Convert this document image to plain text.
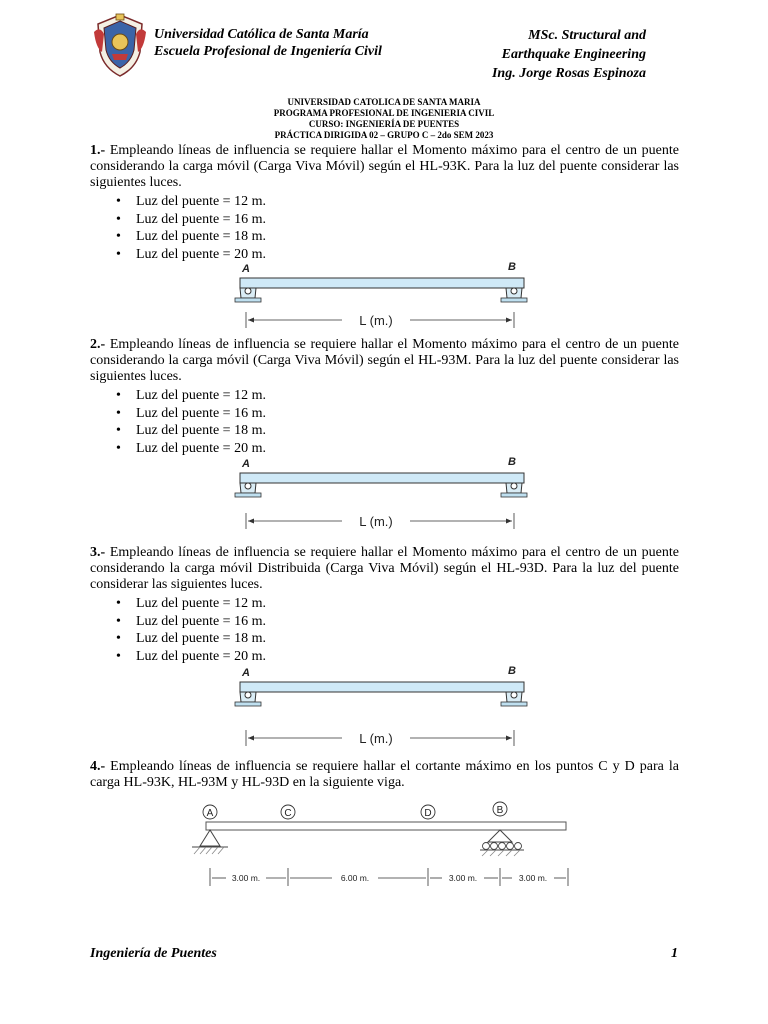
Universidad Católica de Santa María
Escuela Profesional de Ingeniería Civil
MSc. Structural and
Earthquake Engineering
Ing. Jorge Rosas Espinoza
UNIVERSIDAD CATOLICA DE SANTA MARIA
PROGRAMA PROFESIONAL DE INGENIERIA CIVIL
CURSO: INGENIERÍA DE PUENTES
PRÁCTICA DIRIGIDA 02 – GRUPO C – 2do SEM 2023
1.- Empleando líneas de influencia se requiere hallar el Momento máximo para el centro de un puente considerando la carga móvil (Carga Viva Móvil) según el HL-93K. Para la luz del puente considerar las siguientes luces.
• Luz del puente = 12 m.
• Luz del puente = 16 m.
• Luz del puente = 18 m.
• Luz del puente = 20 m.
2.- Empleando líneas de influencia se requiere hallar el Momento máximo para el centro de un puente considerando la carga móvil (Carga Viva Móvil) según el HL-93M. Para la luz del puente considerar las siguientes luces.
• Luz del puente = 12 m.
• Luz del puente = 16 m.
• Luz del puente = 18 m.
• Luz del puente = 20 m.
3.- Empleando líneas de influencia se requiere hallar el Momento máximo para el centro de un puente considerando la carga móvil Distribuida (Carga Viva Móvil) según el HL-93D. Para la luz del puente considerar las siguientes luces.
• Luz del puente = 12 m.
• Luz del puente = 16 m.
• Luz del puente = 18 m.
• Luz del puente = 20 m.
4.- Empleando líneas de influencia se requiere hallar el cortante máximo en los puntos C y D para la carga HL-93K, HL-93M y HL-93D en la siguiente viga.
A	B
L (m.)
A	B
L (m.)
A	B
L (m.)
A	C	D	B
3.00 m.	6.00 m.	3.00 m.	3.00 m.
Ingeniería de Puentes	1
